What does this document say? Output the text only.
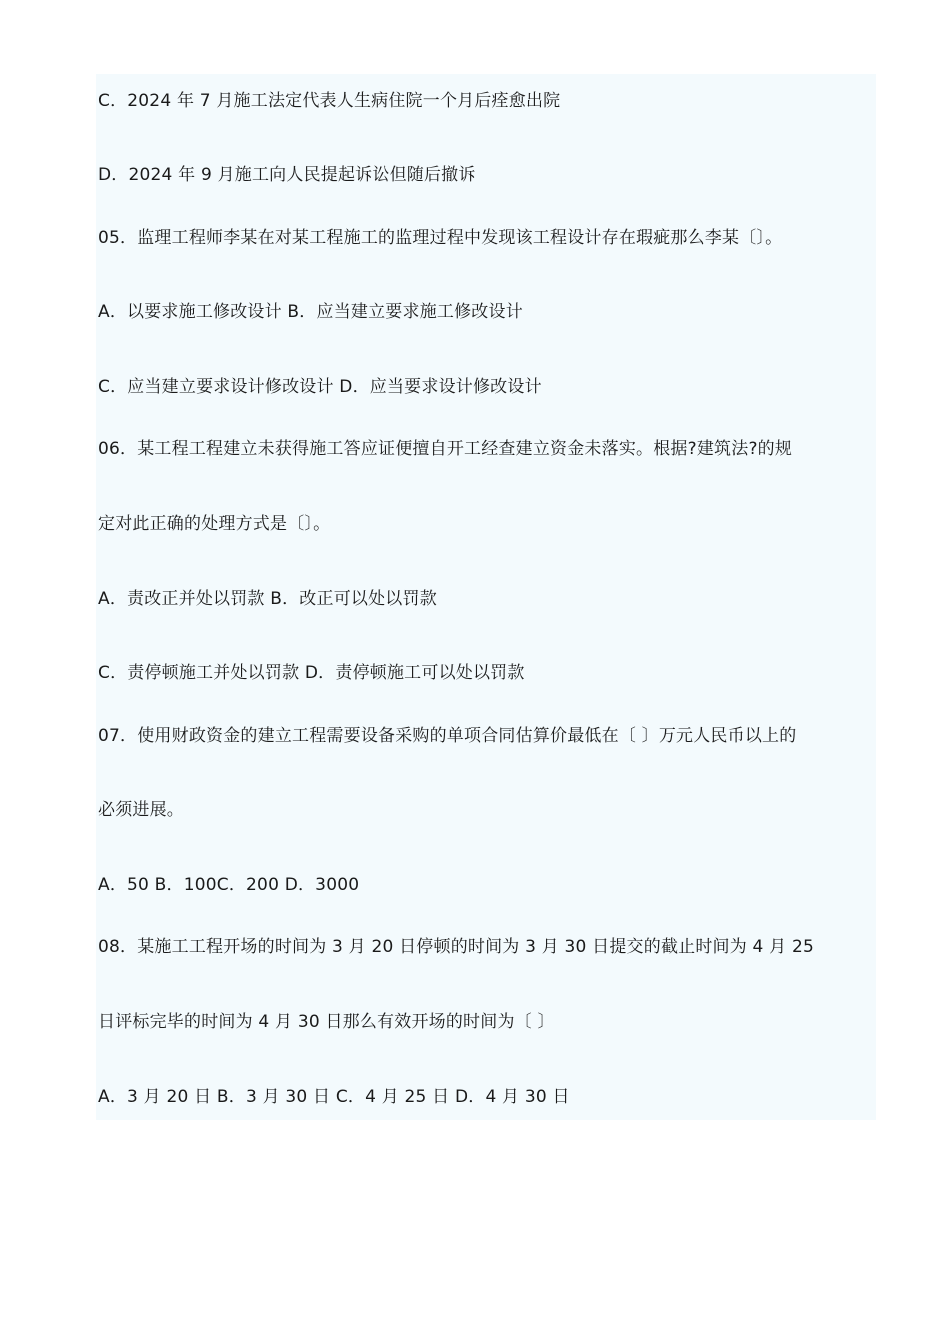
C．2024 年 7 月施工法定代表人生病住院一个月后痊愈出院
D．2024 年 9 月施工向人民提起诉讼但随后撤诉
05．监理工程师李某在对某工程施工的监理过程中发现该工程设计存在瑕疵那么李某〔〕。
A．以要求施工修改设计 B．应当建立要求施工修改设计
C．应当建立要求设计修改设计 D．应当要求设计修改设计
06．某工程工程建立未获得施工答应证便擅自开工经查建立资金未落实。根据?建筑法?的规
定对此正确的处理方式是〔〕。
A．责改正并处以罚款 B．改正可以处以罚款
C．责停顿施工并处以罚款 D．责停顿施工可以处以罚款
07．使用财政资金的建立工程需要设备采购的单项合同估算价最低在〔 〕万元人民币以上的
必须进展。
A．50 B．100C．200 D．3000
08．某施工工程开场的时间为 3 月 20 日停顿的时间为 3 月 30 日提交的截止时间为 4 月 25
日评标完毕的时间为 4 月 30 日那么有效开场的时间为〔 〕
A．3 月 20 日 B．3 月 30 日 C．4 月 25 日 D．4 月 30 日
